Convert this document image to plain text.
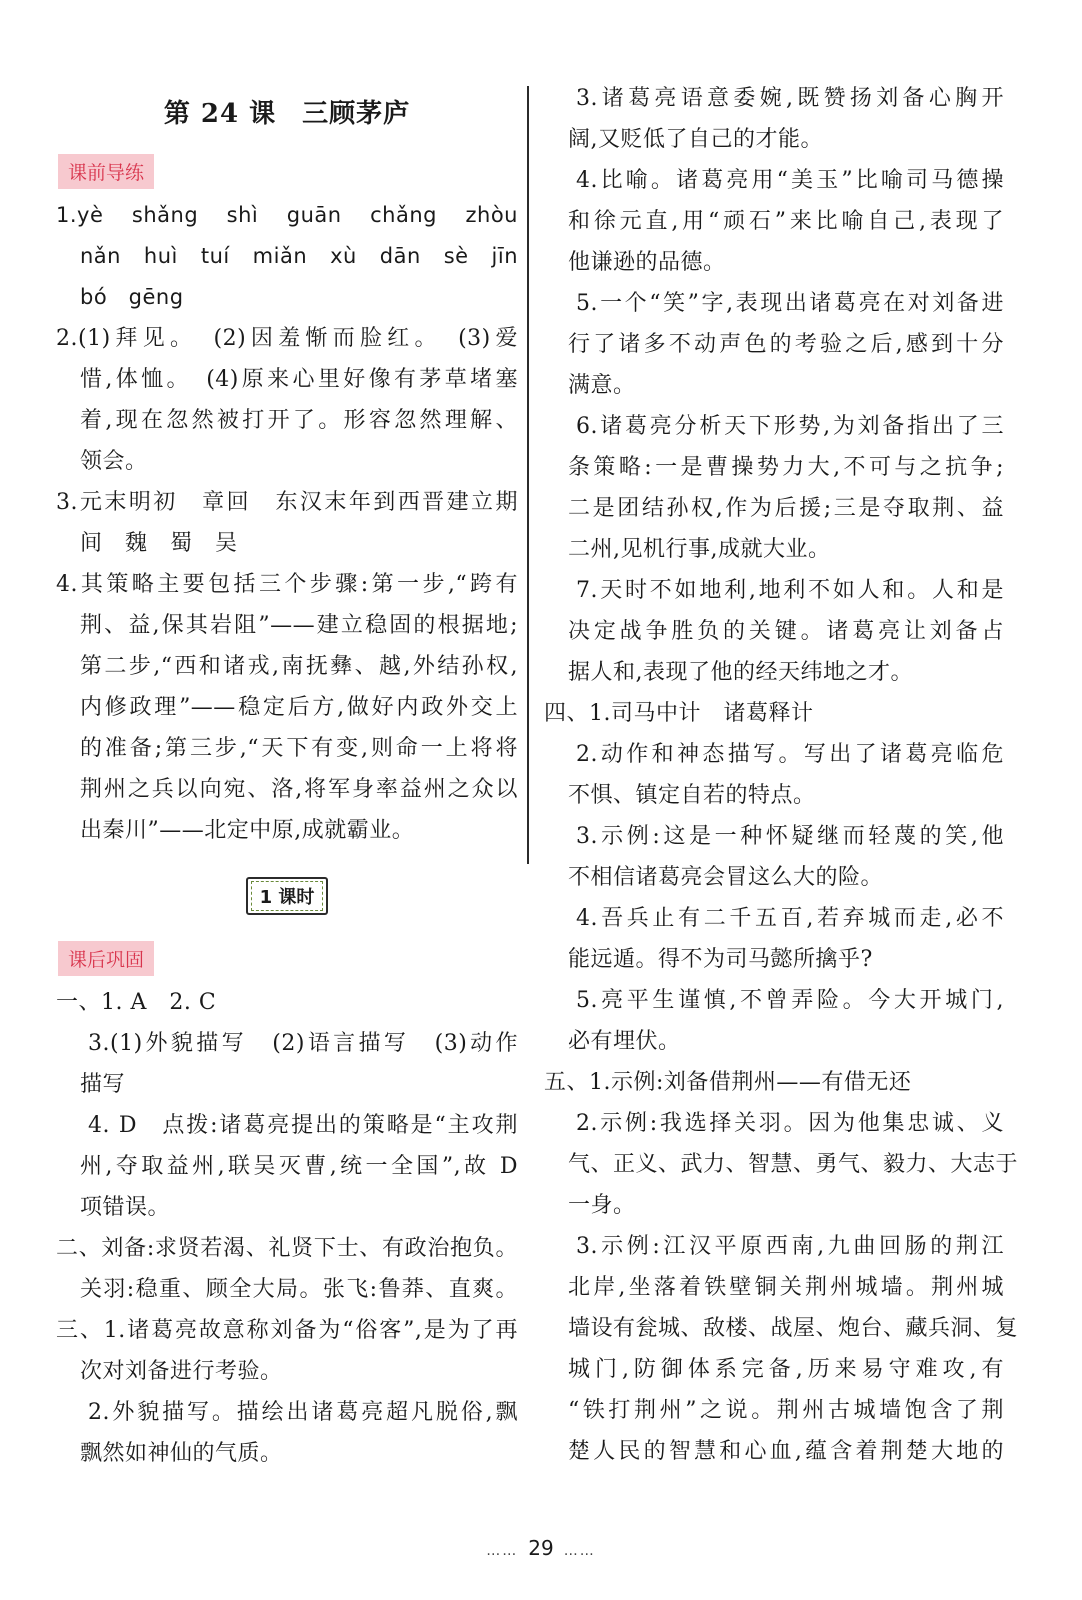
第 24 课 三顾茅庐
课前导练
1.yè　shǎng　shì　guān　chǎng　zhòu
nǎn　huì　tuí　miǎn　xù　dān　sè　jīn
bó　gēng
2.(1)拜见。　(2)因羞惭而脸红。　(3)爱
惜,体恤。　(4)原来心里好像有茅草堵塞
着,现在忽然被打开了。形容忽然理解、
领会。
3.元末明初　章回　东汉末年到西晋建立期
间　魏　蜀　吴
4.其策略主要包括三个步骤:第一步,“跨有
荆、益,保其岩阻”——建立稳固的根据地;
第二步,“西和诸戎,南抚彝、越,外结孙权,
内修政理”——稳定后方,做好内政外交上
的准备;第三步,“天下有变,则命一上将将
荆州之兵以向宛、洛,将军身率益州之众以
出秦川”——北定中原,成就霸业。
1 课时
课后巩固
一、1. A　2. C
3.(1)外貌描写　(2)语言描写　(3)动作
描写
4. D　点拨:诸葛亮提出的策略是“主攻荆
州,夺取益州,联吴灭曹,统一全国”,故 D
项错误。
二、刘备:求贤若渴、礼贤下士、有政治抱负。
关羽:稳重、顾全大局。张飞:鲁莽、直爽。
三、1.诸葛亮故意称刘备为“俗客”,是为了再
次对刘备进行考验。
2.外貌描写。描绘出诸葛亮超凡脱俗,飘
飘然如神仙的气质。
3.诸葛亮语意委婉,既赞扬刘备心胸开
阔,又贬低了自己的才能。
4.比喻。诸葛亮用“美玉”比喻司马德操
和徐元直,用“顽石”来比喻自己,表现了
他谦逊的品德。
5.一个“笑”字,表现出诸葛亮在对刘备进
行了诸多不动声色的考验之后,感到十分
满意。
6.诸葛亮分析天下形势,为刘备指出了三
条策略:一是曹操势力大,不可与之抗争;
二是团结孙权,作为后援;三是夺取荆、益
二州,见机行事,成就大业。
7.天时不如地利,地利不如人和。人和是
决定战争胜负的关键。诸葛亮让刘备占
据人和,表现了他的经天纬地之才。
四、1.司马中计　诸葛释计
2.动作和神态描写。写出了诸葛亮临危
不惧、镇定自若的特点。
3.示例:这是一种怀疑继而轻蔑的笑,他
不相信诸葛亮会冒这么大的险。
4.吾兵止有二千五百,若弃城而走,必不
能远遁。得不为司马懿所擒乎?
5.亮平生谨慎,不曾弄险。今大开城门,
必有埋伏。
五、1.示例:刘备借荆州——有借无还
2.示例:我选择关羽。因为他集忠诚、义
气、正义、武力、智慧、勇气、毅力、大志于
一身。
3.示例:江汉平原西南,九曲回肠的荆江
北岸,坐落着铁壁铜关荆州城墙。荆州城
墙设有瓮城、敌楼、战屋、炮台、藏兵洞、复
城门,防御体系完备,历来易守难攻,有
“铁打荆州”之说。荆州古城墙饱含了荆
楚人民的智慧和心血,蕴含着荆楚大地的
…… 29 ……
